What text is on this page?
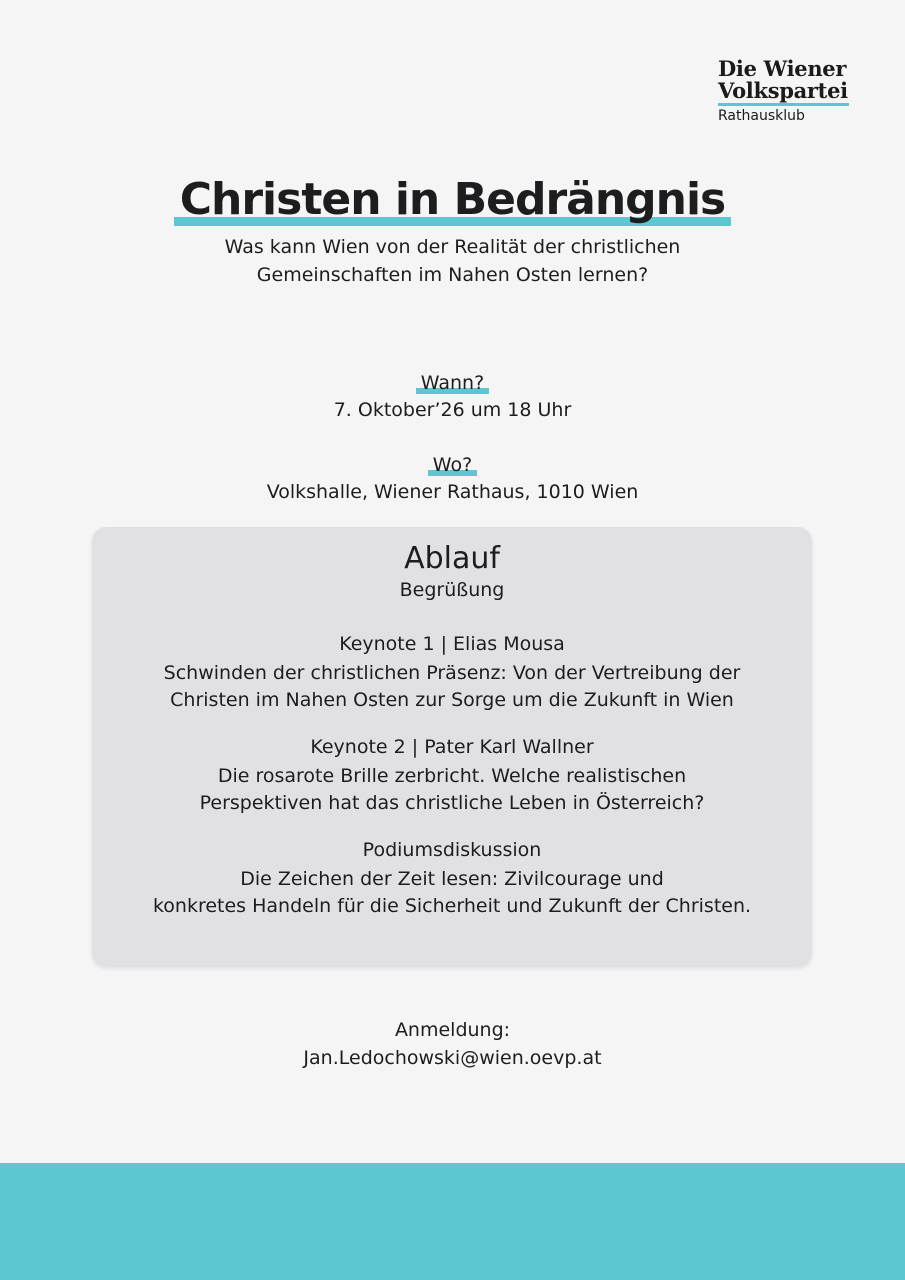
Die Wiener
Volkspartei
Rathausklub
Christen in Bedrängnis
Was kann Wien von der Realität der christlichen
Gemeinschaften im Nahen Osten lernen?
Wann?
7. Oktober’26 um 18 Uhr
Wo?
Volkshalle, Wiener Rathaus, 1010 Wien
Ablauf
Begrüßung
Keynote 1 | Elias Mousa
Schwinden der christlichen Präsenz: Von der Vertreibung der
Christen im Nahen Osten zur Sorge um die Zukunft in Wien
Keynote 2 | Pater Karl Wallner
Die rosarote Brille zerbricht. Welche realistischen
Perspektiven hat das christliche Leben in Österreich?
Podiumsdiskussion
Die Zeichen der Zeit lesen: Zivilcourage und
konkretes Handeln für die Sicherheit und Zukunft der Christen.
Anmeldung:
Jan.Ledochowski@wien.oevp.at
